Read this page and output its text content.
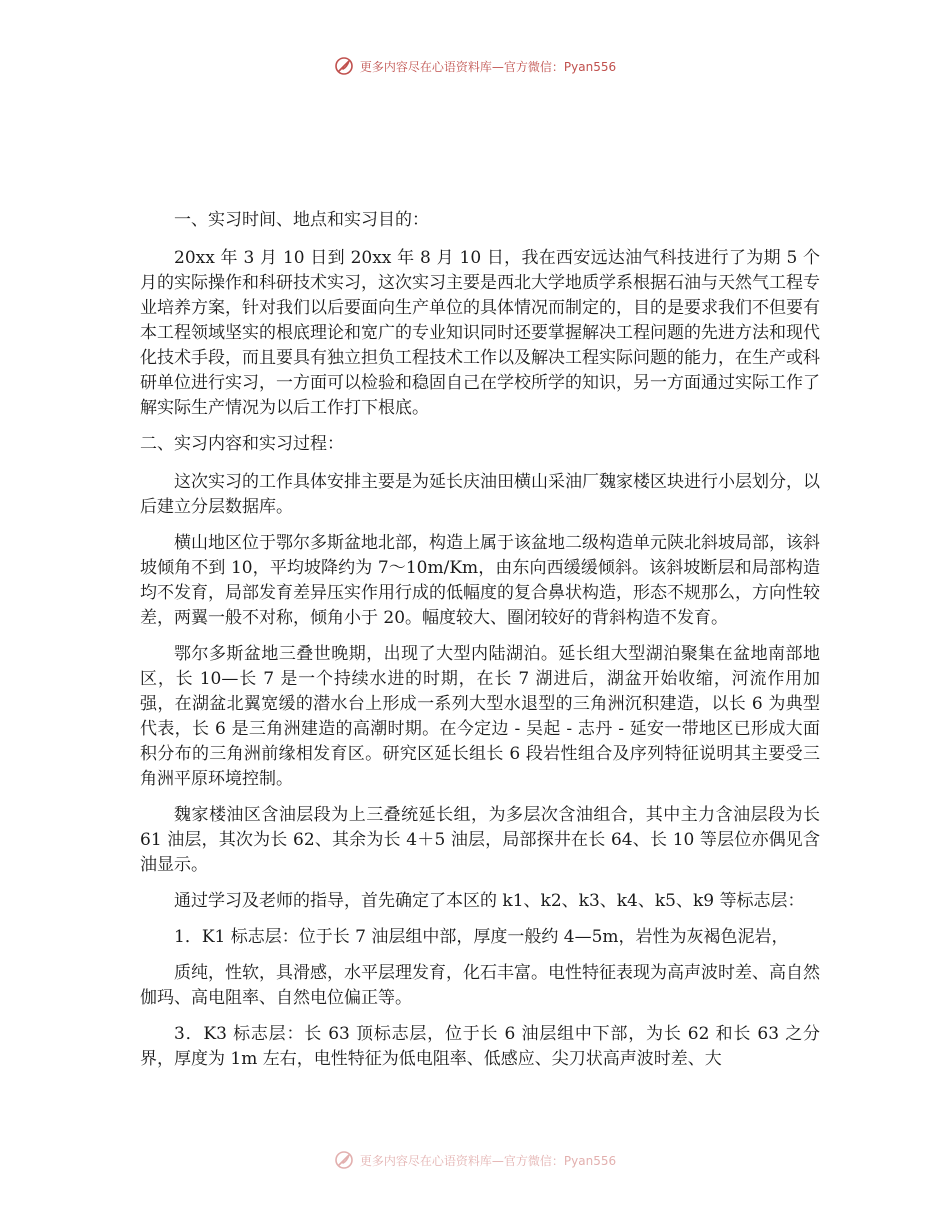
更多内容尽在心语资料库—官方微信：Pyan556

一、实习时间、地点和实习目的：

20xx 年 3 月 10 日到 20xx 年 8 月 10 日，我在西安远达油气科技进行了为期 5 个月的实际操作和科研技术实习，这次实习主要是西北大学地质学系根据石油与天然气工程专业培养方案，针对我们以后要面向生产单位的具体情况而制定的，目的是要求我们不但要有本工程领域坚实的根底理论和宽广的专业知识同时还要掌握解决工程问题的先进方法和现代化技术手段，而且要具有独立担负工程技术工作以及解决工程实际问题的能力，在生产或科研单位进行实习，一方面可以检验和稳固自己在学校所学的知识，另一方面通过实际工作了解实际生产情况为以后工作打下根底。

二、实习内容和实习过程：

这次实习的工作具体安排主要是为延长庆油田横山采油厂魏家楼区块进行小层划分，以后建立分层数据库。

横山地区位于鄂尔多斯盆地北部，构造上属于该盆地二级构造单元陕北斜坡局部，该斜坡倾角不到 10，平均坡降约为 7～10m/Km，由东向西缓缓倾斜。该斜坡断层和局部构造均不发育，局部发育差异压实作用行成的低幅度的复合鼻状构造，形态不规那么，方向性较差，两翼一般不对称，倾角小于 20。幅度较大、圈闭较好的背斜构造不发育。

鄂尔多斯盆地三叠世晚期，出现了大型内陆湖泊。延长组大型湖泊聚集在盆地南部地区，长 10—长 7 是一个持续水进的时期，在长 7 湖进后，湖盆开始收缩，河流作用加强，在湖盆北翼宽缓的潜水台上形成一系列大型水退型的三角洲沉积建造，以长 6 为典型代表，长 6 是三角洲建造的高潮时期。在今定边 - 吴起 - 志丹 - 延安一带地区已形成大面积分布的三角洲前缘相发育区。研究区延长组长 6 段岩性组合及序列特征说明其主要受三角洲平原环境控制。

魏家楼油区含油层段为上三叠统延长组，为多层次含油组合，其中主力含油层段为长 61 油层，其次为长 62、其余为长 4＋5 油层，局部探井在长 64、长 10 等层位亦偶见含油显示。

通过学习及老师的指导，首先确定了本区的 k1、k2、k3、k4、k5、k9 等标志层：

1．K1 标志层：位于长 7 油层组中部，厚度一般约 4—5m，岩性为灰褐色泥岩，

质纯，性软，具滑感，水平层理发育，化石丰富。电性特征表现为高声波时差、高自然伽玛、高电阻率、自然电位偏正等。

3．K3 标志层：长 63 顶标志层，位于长 6 油层组中下部，为长 62 和长 63 之分界，厚度为 1m 左右，电性特征为低电阻率、低感应、尖刀状高声波时差、大

更多内容尽在心语资料库—官方微信：Pyan556
